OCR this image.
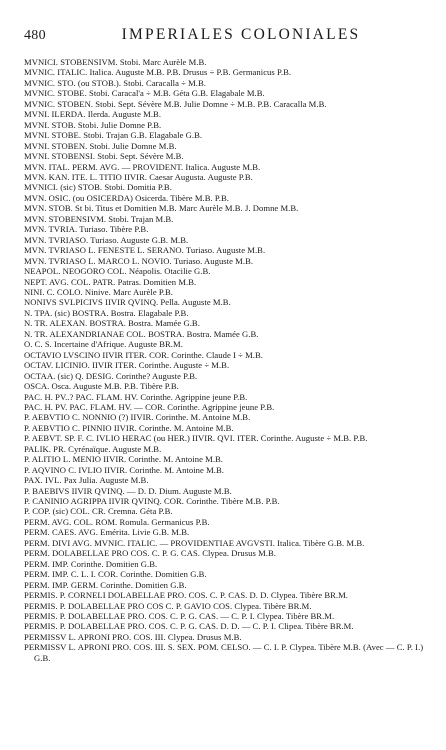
480	IMPERIALES COLONIALES
MVNICI. STOBENSIVM. Stobi. Marc Aurèle M.B.
MVNIC. ITALIC. Italica. Auguste M.B. P.B. Drusus ÷ P.B. Germanicus P.B.
MVNIC. STO. (ou STOB.). Stobi. Caracalla ÷ M.B.
MVNIC. STOBE. Stobi. Caracal'a ÷ M.B. Géta G.B. Elagabale M.B.
MVNIC. STOBEN. Stobi. Sept. Sévère M.B. Julie Domne ÷ M.B. P.B. Caracalla M.B.
MVNI. ILERDA. Ilerda. Auguste M.B.
MVNI. STOB. Stobi. Julie Domne P.B.
MVNI. STOBE. Stobi. Trajan G.B. Elagabale G.B.
MVNI. STOBEN. Stobi. Julie Domne M.B.
MVNI. STOBENSI. Stobi. Sept. Sévère M.B.
MVN. ITAL. PERM. AVG. — PROVIDENT. Italica. Auguste M.B.
MVN. KAN. ITE. L. TITIO IIVIR. Caesar Augusta. Auguste P.B.
MVNICI. (sic) STOB. Stobi. Domitia P.B.
MVN. OSIC. (ou OSICERDA) Osicerda. Tibère M.B. P.B.
MVN. STOB. St bi. Titus et Domitien M.B. Marc Aurèle M.B. J. Domne M.B.
MVN. STOBENSIVM. Stobi. Trajan M.B.
MVN. TVRIA. Turiaso. Tibère P.B.
MVN. TVRIASO. Turiaso. Auguste G.B. M.B.
MVN. TVRIASO L. FENESTE L. SERANO. Turiaso. Auguste M.B.
MVN. TVRIASO L. MARCO L. NOVIO. Turiaso. Auguste M.B.
NEAPOL. NEOGORO COL. Néapolis. Otacilie G.B.
NEPT. AVG. COL. PATR. Patras. Domitien M.B.
NINI. C. COLO. Ninive. Marc Aurèle P.B.
NONIVS SVLPICIVS IIVIR QVINQ. Pella. Auguste M.B.
N. TPA. (sic) BOSTRA. Bostra. Elagabale P.B.
N. TR. ALEXAN. BOSTRA. Bostra. Mamée G.B.
N. TR. ALEXANDRIANAE COL. BOSTRA. Bostra. Mamée G.B.
O. C. S. Incertaine d'Afrique. Auguste BR.M.
OCTAVIO LVSCINO IIVIR ITER. COR. Corinthe. Claude I ÷ M.B.
OCTAV. LICINIO. IIVIR ITER. Corinthe. Auguste ÷ M.B.
OCTAA. (sic) Q. DESIG. Corinthe? Auguste P.B.
OSCA. Osca. Auguste M.B. P.B. Tibère P.B.
PAC. H. PV..? PAC. FLAM. HV. Corinthe. Agrippine jeune P.B.
PAC. H. PV. PAC. FLAM. HV. — COR. Corinthe. Agrippine jeune P.B.
P. AEBVTIO C. NONNIO (?) IIVIR. Corinthe. M. Antoine M.B.
P. AEBVTIO C. PINNIO IIVIR. Corinthe. M. Antoine M.B.
P. AEBVT. SP. F. C. IVLIO HERAC (ou HER.) IIVIR. QVI. ITER. Corinthe. Auguste ÷ M.B. P.B.
PALIK. PR. Cyrénaïque. Auguste M.B.
P. ALITIO L. MENIO IIVIR. Corinthe. M. Antoine M.B.
P. AQVINO C. IVLIO IIVIR. Corinthe. M. Antoine M.B.
PAX. IVL. Pax Julia. Auguste M.B.
P. BAEBIVS IIVIR QVINQ. — D. D. Dium. Auguste M.B.
P. CANINIO AGRIPPA IIVIR QVINQ. COR. Corinthe. Tibère M.B. P.B.
P. COP. (sic) COL. CR. Cremna. Géta P.B.
PERM. AVG. COL. ROM. Romula. Germanicus P.B.
PERM. CAES. AVG. Emérita. Livie G.B. M.B.
PERM. DIVI AVG. MVNIC. ITALIC. — PROVIDENTIAE AVGVSTI. Italica. Tibère G.B. M.B.
PERM. DOLABELLAE PRO COS. C. P. G. CAS. Clypea. Drusus M.B.
PERM. IMP. Corinthe. Domitien G.B.
PERM. IMP. C. L. I. COR. Corinthe. Domitien G.B.
PERM. IMP. GERM. Corinthe. Domitien G.B.
PERMIS. P. CORNELI DOLABELLAE PRO. COS. C. P. CAS. D. D. Clypea. Tibère BR.M.
PERMIS. P. DOLABELLAE PRO COS C. P. GAVIO COS. Clypea. Tibère BR.M.
PERMIS. P. DOLABELLAE PRO. COS. C. P. G. CAS. — C. P. I. Clypea. Tibère BR.M.
PERMIS. P. DOLABELLAE PRO. COS. C. P. G. CAS. D. D. — C. P. I. Clipea. Tibère BR.M.
PERMISSV L. APRONI PRO. COS. III. Clypea. Drusus M.B.
PERMISSV L. APRONI PRO. COS. III. S. SEX. POM. CELSO. — C. I. P. Clypea. Tibère M.B. (Avec — C. P. I.) G.B.
